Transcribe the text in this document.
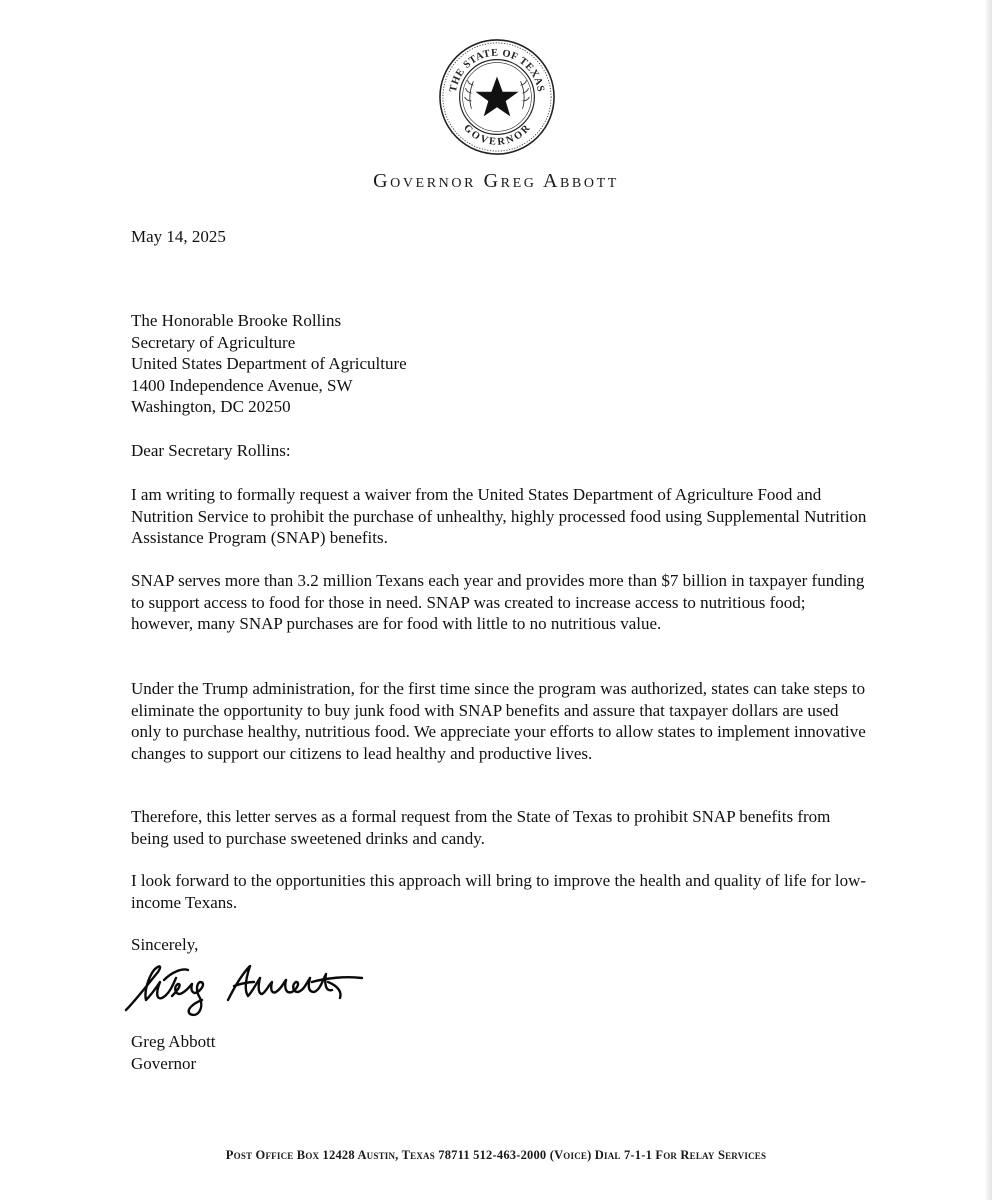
THE STATE OF TEXAS
GOVERNOR
Governor Greg Abbott
May 14, 2025
The Honorable Brooke Rollins
Secretary of Agriculture
United States Department of Agriculture
1400 Independence Avenue, SW
Washington, DC 20250
Dear Secretary Rollins:
I am writing to formally request a waiver from the United States Department of Agriculture Food and Nutrition Service to prohibit the purchase of unhealthy, highly processed food using Supplemental Nutrition Assistance Program (SNAP) benefits.
SNAP serves more than 3.2 million Texans each year and provides more than $7 billion in taxpayer funding to support access to food for those in need. SNAP was created to increase access to nutritious food; however, many SNAP purchases are for food with little to no nutritious value.
Under the Trump administration, for the first time since the program was authorized, states can take steps to eliminate the opportunity to buy junk food with SNAP benefits and assure that taxpayer dollars are used only to purchase healthy, nutritious food. We appreciate your efforts to allow states to implement innovative changes to support our citizens to lead healthy and productive lives.
Therefore, this letter serves as a formal request from the State of Texas to prohibit SNAP benefits from being used to purchase sweetened drinks and candy.
I look forward to the opportunities this approach will bring to improve the health and quality of life for low-income Texans.
Sincerely,
Greg Abbott
Governor
Post Office Box 12428 Austin, Texas 78711 512-463-2000 (Voice) Dial 7-1-1 For Relay Services
